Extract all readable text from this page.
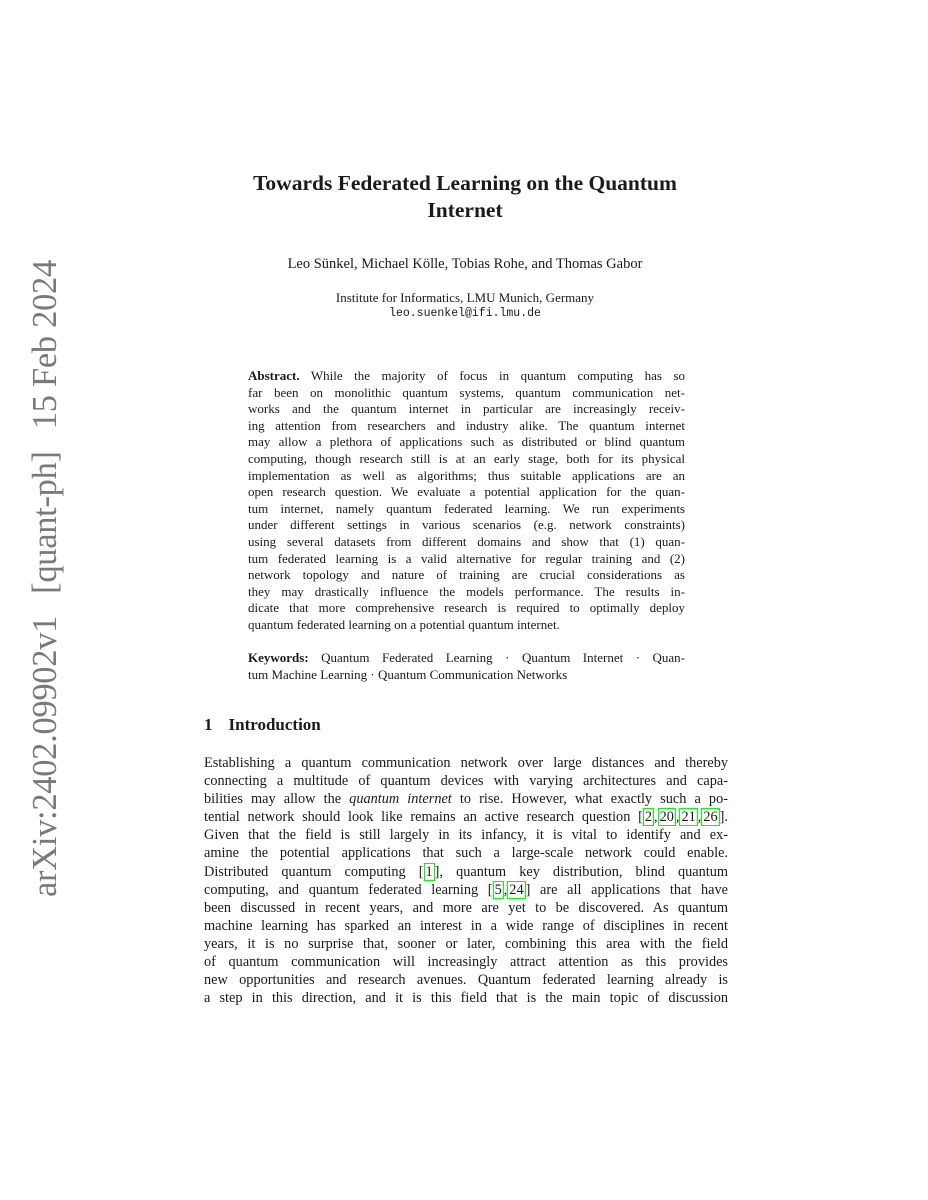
arXiv:2402.09902v1[quant-ph]15 Feb 2024
Towards Federated Learning on the Quantum
Internet
Leo Sünkel, Michael Kölle, Tobias Rohe, and Thomas Gabor
Institute for Informatics, LMU Munich, Germany
leo.suenkel@ifi.lmu.de
Abstract. While the majority of focus in quantum computing has so
far been on monolithic quantum systems, quantum communication net-
works and the quantum internet in particular are increasingly receiv-
ing attention from researchers and industry alike. The quantum internet
may allow a plethora of applications such as distributed or blind quantum
computing, though research still is at an early stage, both for its physical
implementation as well as algorithms; thus suitable applications are an
open research question. We evaluate a potential application for the quan-
tum internet, namely quantum federated learning. We run experiments
under different settings in various scenarios (e.g. network constraints)
using several datasets from different domains and show that (1) quan-
tum federated learning is a valid alternative for regular training and (2)
network topology and nature of training are crucial considerations as
they may drastically influence the models performance. The results in-
dicate that more comprehensive research is required to optimally deploy
quantum federated learning on a potential quantum internet.
Keywords: Quantum Federated Learning · Quantum Internet · Quan-
tum Machine Learning · Quantum Communication Networks
1 Introduction
Establishing a quantum communication network over large distances and thereby
connecting a multitude of quantum devices with varying architectures and capa-
bilities may allow the quantum internet to rise. However, what exactly such a po-
tential network should look like remains an active research question [ 2 , 20 , 21 , 26 ].
Given that the field is still largely in its infancy, it is vital to identify and ex-
amine the potential applications that such a large-scale network could enable.
Distributed quantum computing [ 1 ], quantum key distribution, blind quantum
computing, and quantum federated learning [ 5 , 24 ] are all applications that have
been discussed in recent years, and more are yet to be discovered. As quantum
machine learning has sparked an interest in a wide range of disciplines in recent
years, it is no surprise that, sooner or later, combining this area with the field
of quantum communication will increasingly attract attention as this provides
new opportunities and research avenues. Quantum federated learning already is
a step in this direction, and it is this field that is the main topic of discussion
